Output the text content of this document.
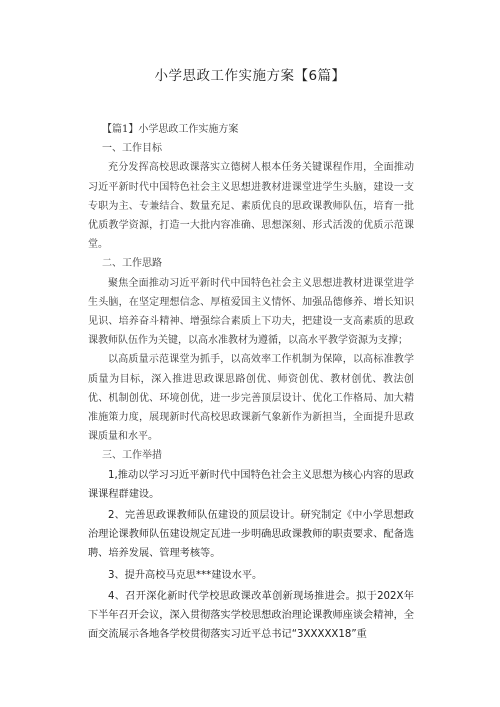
小学思政工作实施方案【6篇】

【篇1】小学思政工作实施方案

一、工作目标

充分发挥高校思政课落实立德树人根本任务关键课程作用，全面推动习近平新时代中国特色社会主义思想进教材进课堂进学生头脑，建设一支专职为主、专兼结合、数量充足、素质优良的思政课教师队伍，培育一批优质教学资源，打造一大批内容准确、思想深刻、形式活泼的优质示范课堂。

二、工作思路

聚焦全面推动习近平新时代中国特色社会主义思想进教材进课堂进学生头脑，在坚定理想信念、厚植爱国主义情怀、加强品德修养、增长知识见识、培养奋斗精神、增强综合素质上下功夫，把建设一支高素质的思政课教师队伍作为关键，以高水准教材为遵循，以高水平教学资源为支撑；

以高质量示范课堂为抓手，以高效率工作机制为保障，以高标准教学质量为目标，深入推进思政课思路创优、师资创优、教材创优、教法创优、机制创优、环境创优，进一步完善顶层设计、优化工作格局、加大精准施策力度，展现新时代高校思政课新气象新作为新担当，全面提升思政课质量和水平。

三、工作举措

1,推动以学习习近平新时代中国特色社会主义思想为核心内容的思政课课程群建设。

2、完善思政课教师队伍建设的顶层设计。研究制定《中小学思想政治理论课教师队伍建设规定瓦进一步明确思政课教师的职责要求、配备选聘、培养发展、管理考核等。

3、提升高校马克思***建设水平。

4、召开深化新时代学校思政课改革创新现场推进会。拟于202X年下半年召开会议，深入贯彻落实学校思想政治理论课教师座谈会精神，全面交流展示各地各学校贯彻落实习近平总书记“3XXXXX18”重
